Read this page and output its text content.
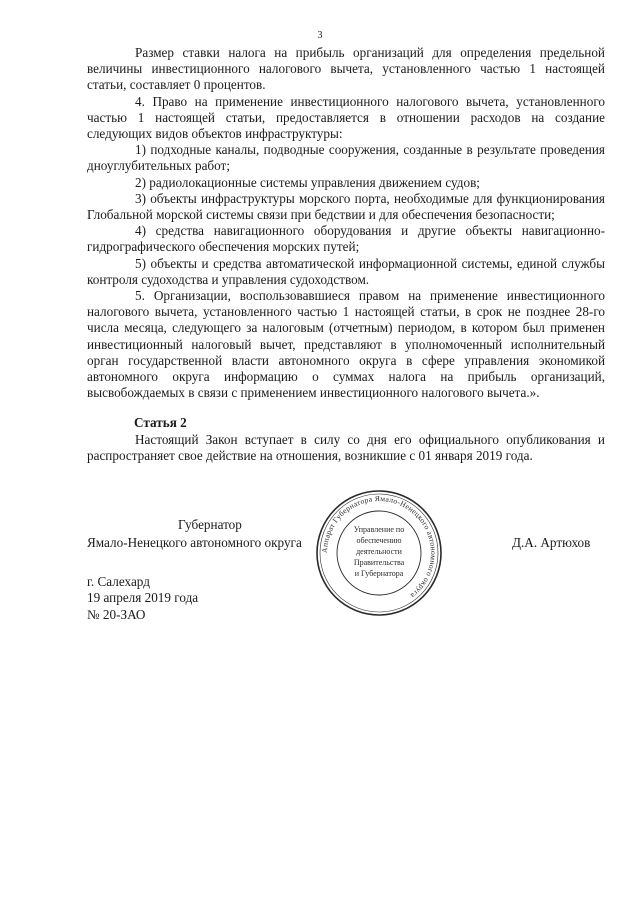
3

Размер ставки налога на прибыль организаций для определения предельной величины инвестиционного налогового вычета, установленного частью 1 настоящей статьи, составляет 0 процентов.

4. Право на применение инвестиционного налогового вычета, установленного частью 1 настоящей статьи, предоставляется в отношении расходов на создание следующих видов объектов инфраструктуры:

1) подходные каналы, подводные сооружения, созданные в результате проведения дноуглубительных работ;

2) радиолокационные системы управления движением судов;

3) объекты инфраструктуры морского порта, необходимые для функционирования Глобальной морской системы связи при бедствии и для обеспечения безопасности;

4) средства навигационного оборудования и другие объекты навигационно-гидрографического обеспечения морских путей;

5) объекты и средства автоматической информационной системы, единой службы контроля судоходства и управления судоходством.

5. Организации, воспользовавшиеся правом на применение инвестиционного налогового вычета, установленного частью 1 настоящей статьи, в срок не позднее 28-го числа месяца, следующего за налоговым (отчетным) периодом, в котором был применен инвестиционный налоговый вычет, представляют в уполномоченный исполнительный орган государственной власти автономного округа в сфере управления экономикой автономного округа информацию о суммах налога на прибыль организаций, высвобождаемых в связи с применением инвестиционного налогового вычета.».

Статья 2

Настоящий Закон вступает в силу со дня его официального опубликования и распространяет свое действие на отношения, возникшие с 01 января 2019 года.

Губернатор
Ямало-Ненецкого автономного округа	Д.А. Артюхов
Аппарат Губернатора Ямало-Ненецкого автономного округа
Управление по
обеспечению
деятельности
Правительства
и Губернатора
г. Салехард
19 апреля 2019 года
№ 20-ЗАО
